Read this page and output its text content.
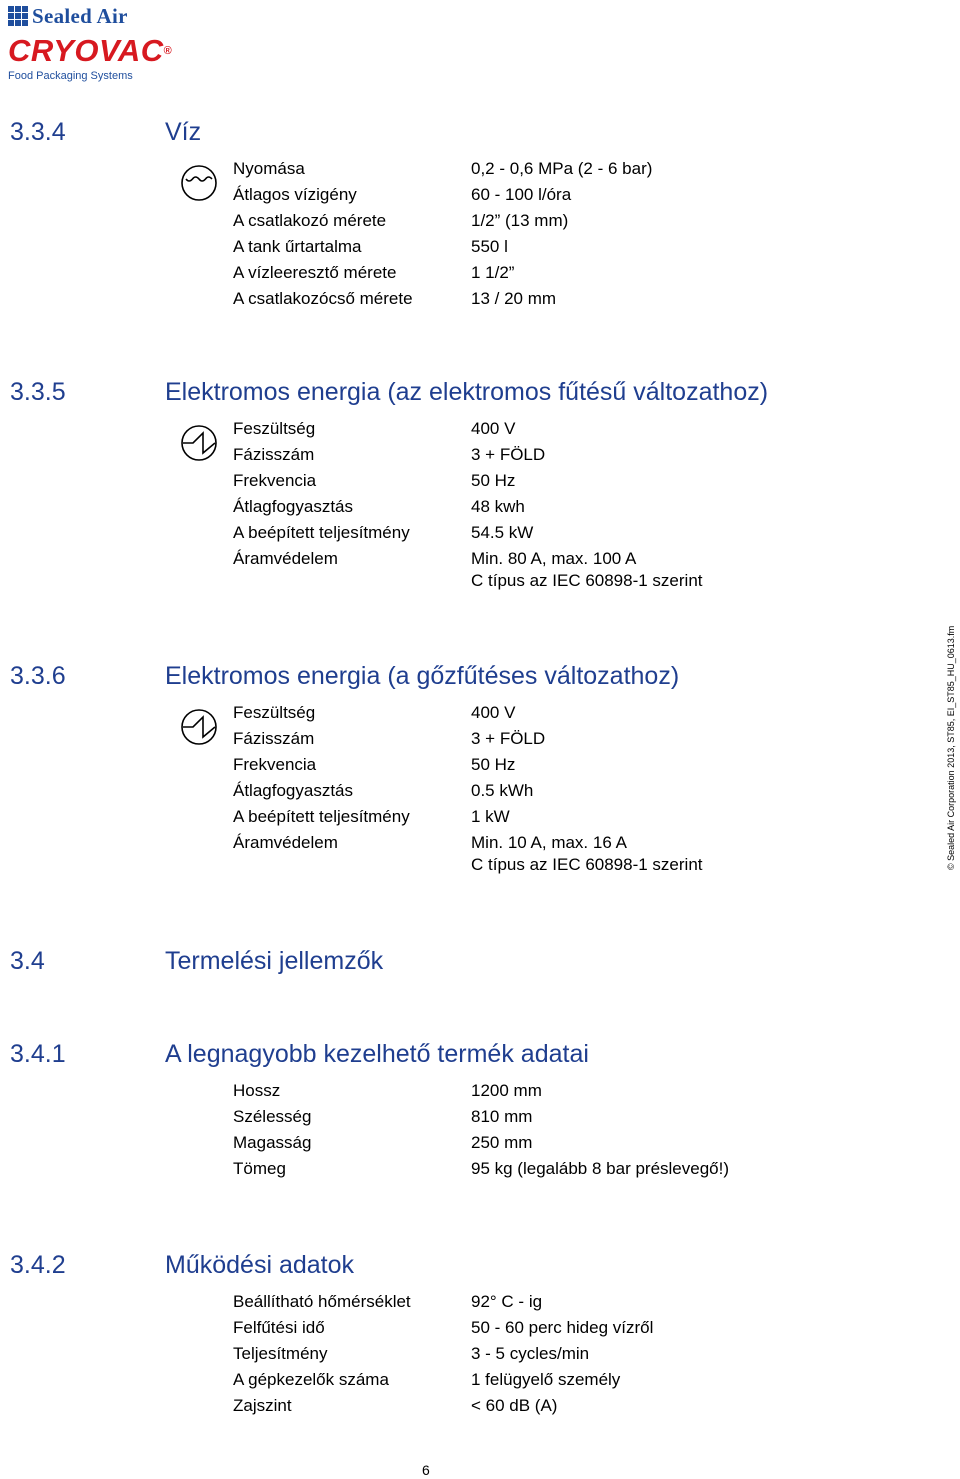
Sealed Air
CRYOVAC®
Food Packaging Systems
3.3.4	Víz
Nyomása	0,2 - 0,6 MPa (2 - 6 bar)
Átlagos vízigény	60 - 100 l/óra
A csatlakozó mérete	1/2” (13 mm)
A tank űrtartalma	550 l
A vízleeresztő mérete	1 1/2”
A csatlakozócső mérete	13 / 20 mm
3.3.5	Elektromos energia (az elektromos fűtésű változathoz)
Feszültség	400 V
Fázisszám	3 + FÖLD
Frekvencia	50 Hz
Átlagfogyasztás	48 kwh
A beépített teljesítmény	54.5 kW
Áramvédelem	Min. 80 A, max. 100 A
C típus az IEC 60898-1 szerint
3.3.6	Elektromos energia (a gőzfűtéses változathoz)
Feszültség	400 V
Fázisszám	3 + FÖLD
Frekvencia	50 Hz
Átlagfogyasztás	0.5 kWh
A beépített teljesítmény	1 kW
Áramvédelem	Min. 10 A, max. 16 A
C típus az IEC 60898-1 szerint
3.4	Termelési jellemzők
3.4.1	A legnagyobb kezelhető termék adatai
Hossz	1200 mm
Szélesség	810 mm
Magasság	250 mm
Tömeg	95 kg (legalább 8 bar préslevegő!)
3.4.2	Működési adatok
Beállítható hőmérséklet	92° C - ig
Felfűtési idő	50 - 60 perc hideg vízről
Teljesítmény	3 - 5 cycles/min
A gépkezelők száma	1 felügyelő személy
Zajszint	< 60 dB (A)
© Sealed Air Corporation 2013, ST85, EI_ST85_HU_0613.fm
6
